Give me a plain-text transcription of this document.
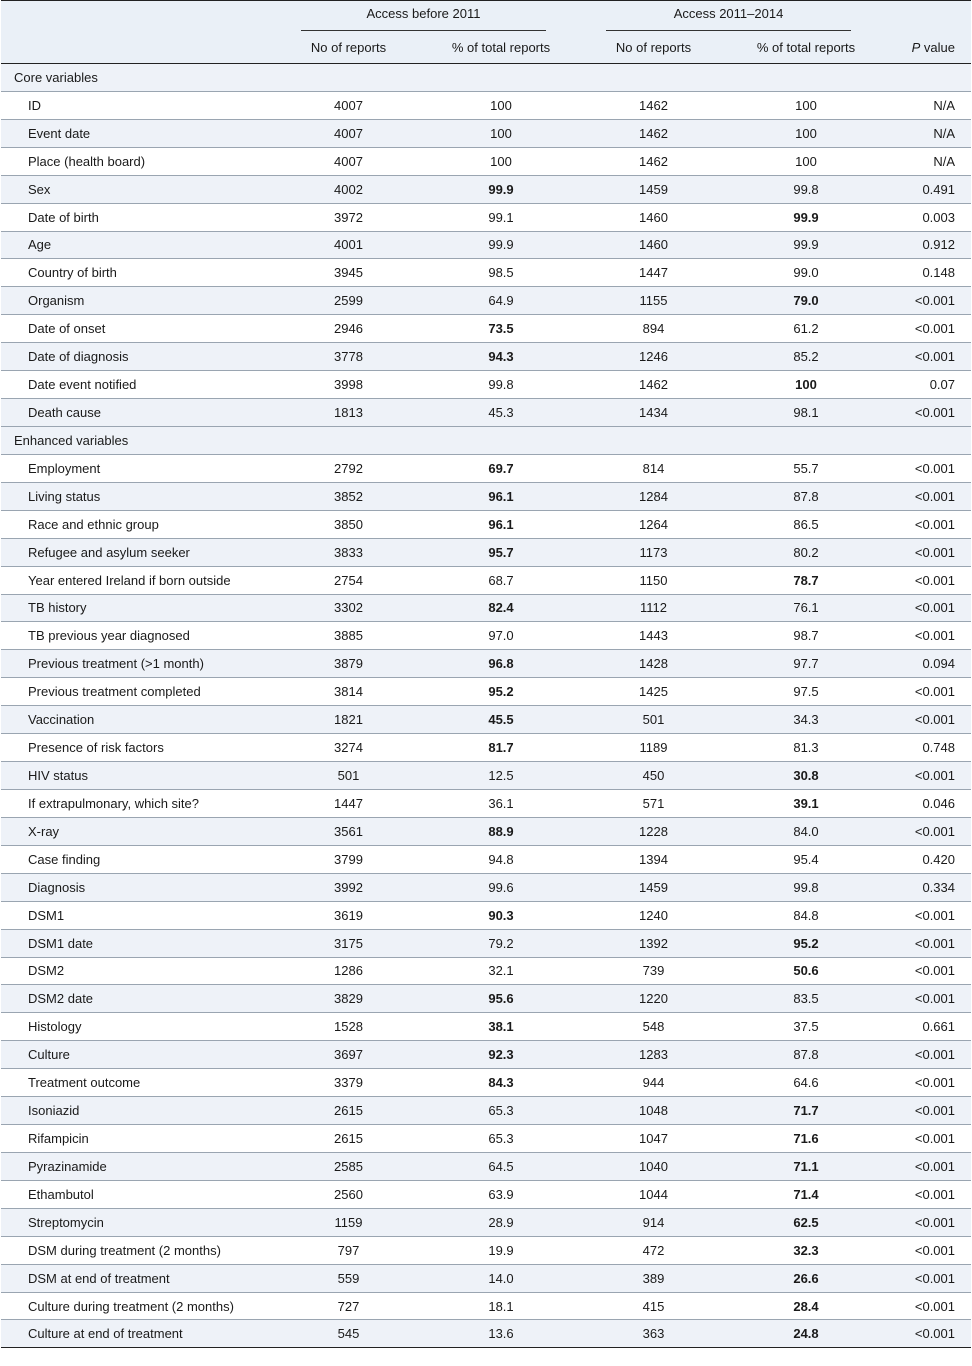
	Access before 2011		Access 2011–2014		
	No of reports	% of total reports	No of reports	% of total reports	P value
Core variables					
ID	4007	100	1462	100	N/A
Event date	4007	100	1462	100	N/A
Place (health board)	4007	100	1462	100	N/A
Sex	4002	99.9	1459	99.8	0.491
Date of birth	3972	99.1	1460	99.9	0.003
Age	4001	99.9	1460	99.9	0.912
Country of birth	3945	98.5	1447	99.0	0.148
Organism	2599	64.9	1155	79.0	<0.001
Date of onset	2946	73.5	894	61.2	<0.001
Date of diagnosis	3778	94.3	1246	85.2	<0.001
Date event notified	3998	99.8	1462	100	0.07
Death cause	1813	45.3	1434	98.1	<0.001
Enhanced variables					
Employment	2792	69.7	814	55.7	<0.001
Living status	3852	96.1	1284	87.8	<0.001
Race and ethnic group	3850	96.1	1264	86.5	<0.001
Refugee and asylum seeker	3833	95.7	1173	80.2	<0.001
Year entered Ireland if born outside	2754	68.7	1150	78.7	<0.001
TB history	3302	82.4	1112	76.1	<0.001
TB previous year diagnosed	3885	97.0	1443	98.7	<0.001
Previous treatment (>1 month)	3879	96.8	1428	97.7	0.094
Previous treatment completed	3814	95.2	1425	97.5	<0.001
Vaccination	1821	45.5	501	34.3	<0.001
Presence of risk factors	3274	81.7	1189	81.3	0.748
HIV status	501	12.5	450	30.8	<0.001
If extrapulmonary, which site?	1447	36.1	571	39.1	0.046
X-ray	3561	88.9	1228	84.0	<0.001
Case finding	3799	94.8	1394	95.4	0.420
Diagnosis	3992	99.6	1459	99.8	0.334
DSM1	3619	90.3	1240	84.8	<0.001
DSM1 date	3175	79.2	1392	95.2	<0.001
DSM2	1286	32.1	739	50.6	<0.001
DSM2 date	3829	95.6	1220	83.5	<0.001
Histology	1528	38.1	548	37.5	0.661
Culture	3697	92.3	1283	87.8	<0.001
Treatment outcome	3379	84.3	944	64.6	<0.001
Isoniazid	2615	65.3	1048	71.7	<0.001
Rifampicin	2615	65.3	1047	71.6	<0.001
Pyrazinamide	2585	64.5	1040	71.1	<0.001
Ethambutol	2560	63.9	1044	71.4	<0.001
Streptomycin	1159	28.9	914	62.5	<0.001
DSM during treatment (2 months)	797	19.9	472	32.3	<0.001
DSM at end of treatment	559	14.0	389	26.6	<0.001
Culture during treatment (2 months)	727	18.1	415	28.4	<0.001
Culture at end of treatment	545	13.6	363	24.8	<0.001
